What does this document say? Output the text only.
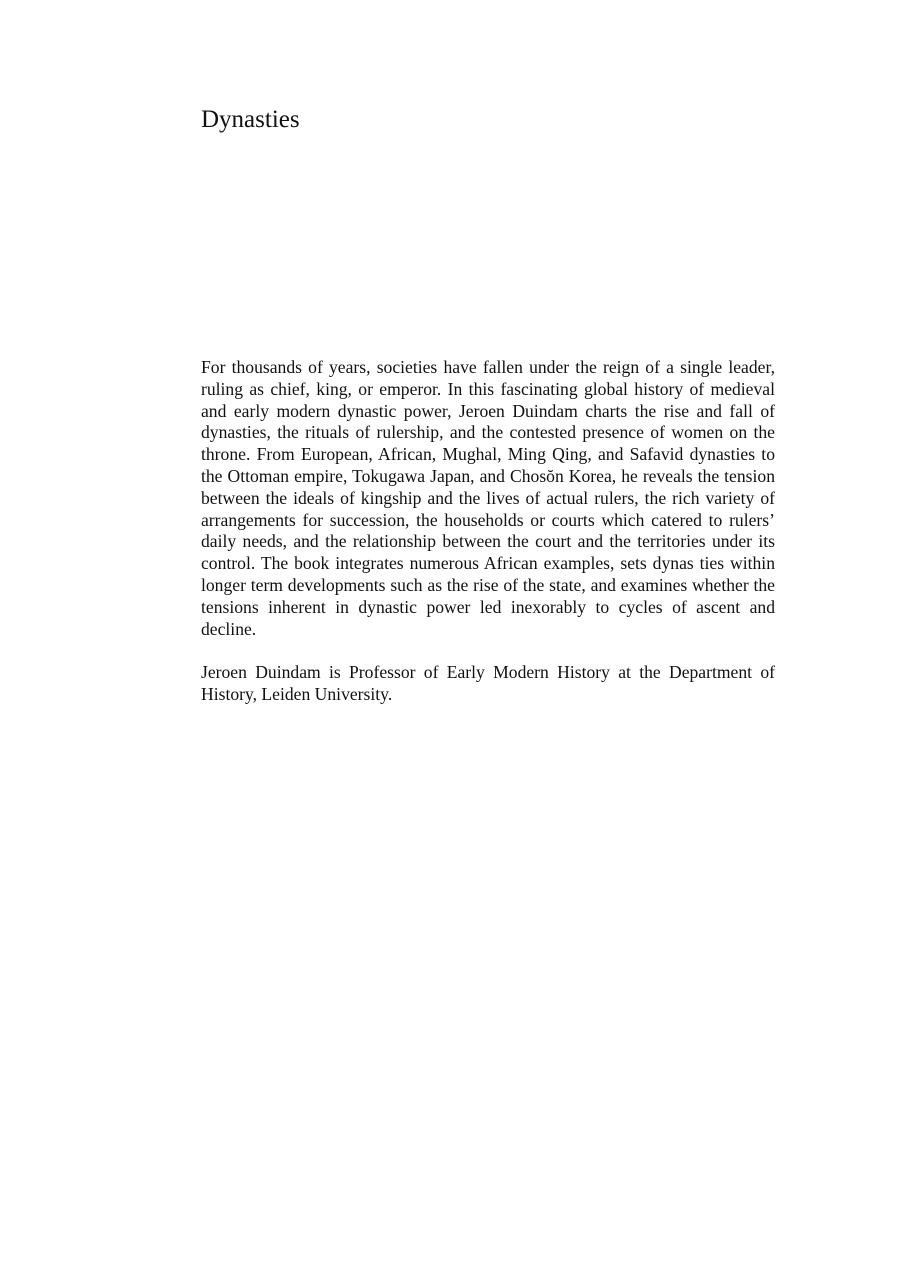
Dynasties

For thousands of years, societies have fallen under the reign of a single leader, ruling as chief, king, or emperor. In this fascinating global history of medieval and early modern dynastic power, Jeroen Duindam charts the rise and fall of dynasties, the rituals of rulership, and the contested presence of women on the throne. From European, African, Mughal, Ming Qing, and Safavid dynasties to the Ottoman empire, Tokugawa Japan, and Chosŏn Korea, he reveals the tension between the ideals of kingship and the lives of actual rulers, the rich variety of arrangements for succession, the households or courts which catered to rulers’ daily needs, and the relationship between the court and the territories under its control. The book integrates numerous African examples, sets dynas ties within longer term developments such as the rise of the state, and examines whether the tensions inherent in dynastic power led inexorably to cycles of ascent and decline.

Jeroen Duindam is Professor of Early Modern History at the Department of History, Leiden University.
